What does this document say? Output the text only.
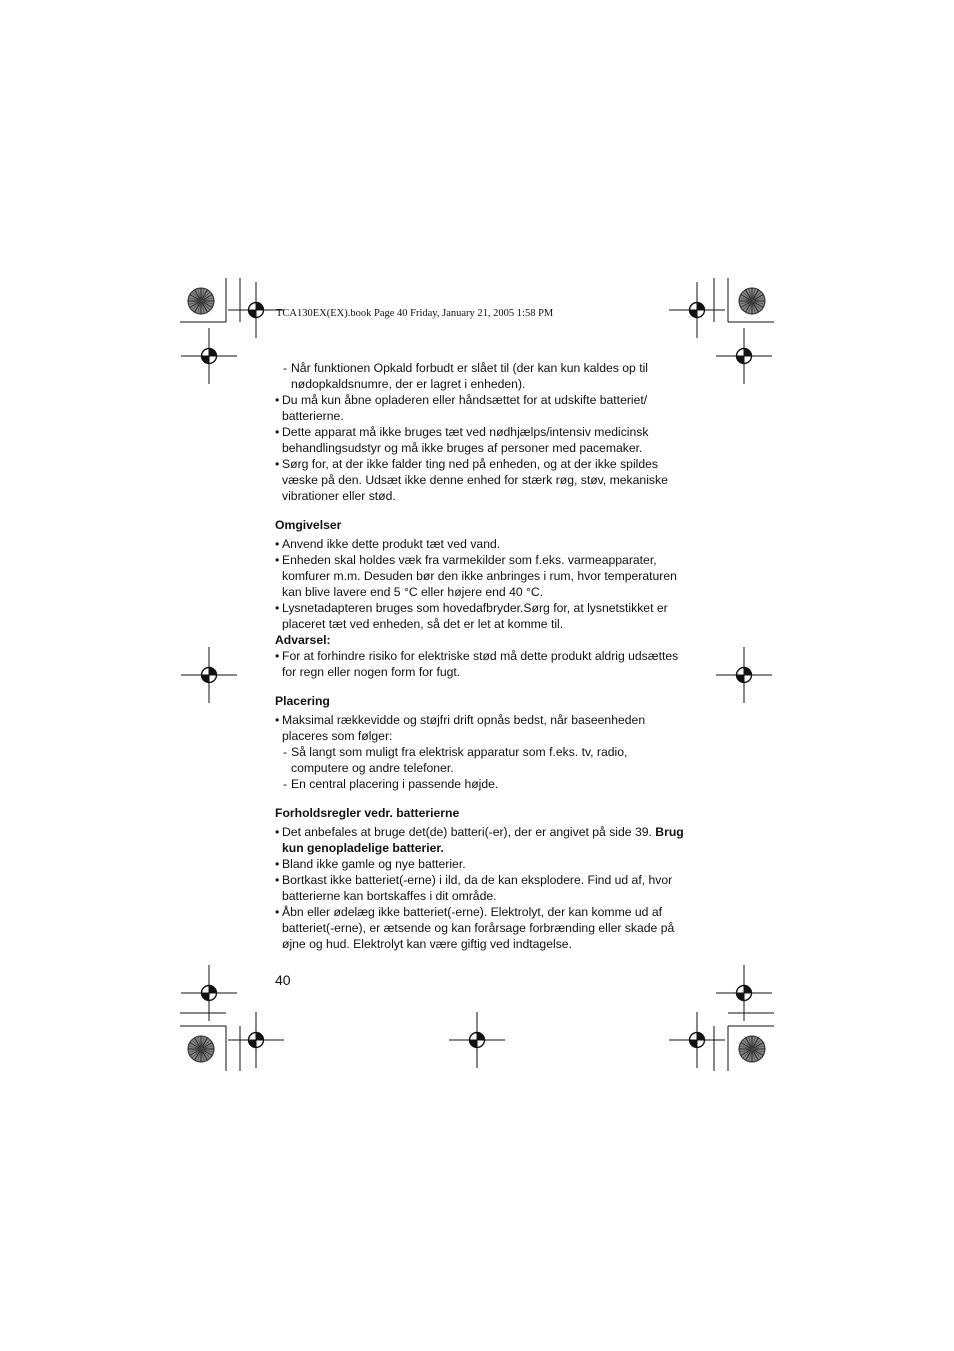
TCA130EX(EX).book Page 40 Friday, January 21, 2005 1:58 PM

- Når funktionen Opkald forbudt er slået til (der kan kun kaldes op til nødopkaldsnumre, der er lagret i enheden).

• Du må kun åbne opladeren eller håndsættet for at udskifte batteriet/ batterierne.

• Dette apparat må ikke bruges tæt ved nødhjælps/intensiv medicinsk behandlingsudstyr og må ikke bruges af personer med pacemaker.

• Sørg for, at der ikke falder ting ned på enheden, og at der ikke spildes væske på den. Udsæt ikke denne enhed for stærk røg, støv, mekaniske vibrationer eller stød.

Omgivelser

• Anvend ikke dette produkt tæt ved vand.

• Enheden skal holdes væk fra varmekilder som f.eks. varmeapparater, komfurer m.m. Desuden bør den ikke anbringes i rum, hvor temperaturen kan blive lavere end 5 °C eller højere end 40 °C.

• Lysnetadapteren bruges som hovedafbryder.Sørg for, at lysnetstikket er placeret tæt ved enheden, så det er let at komme til.

Advarsel:

• For at forhindre risiko for elektriske stød må dette produkt aldrig udsættes for regn eller nogen form for fugt.

Placering

• Maksimal rækkevidde og støjfri drift opnås bedst, når baseenheden placeres som følger:

- Så langt som muligt fra elektrisk apparatur som f.eks. tv, radio, computere og andre telefoner.

- En central placering i passende højde.

Forholdsregler vedr. batterierne

• Det anbefales at bruge det(de) batteri(-er), der er angivet på side 39. Brug kun genopladelige batterier.

• Bland ikke gamle og nye batterier.

• Bortkast ikke batteriet(-erne) i ild, da de kan eksplodere. Find ud af, hvor batterierne kan bortskaffes i dit område.

• Åbn eller ødelæg ikke batteriet(-erne). Elektrolyt, der kan komme ud af batteriet(-erne), er ætsende og kan forårsage forbrænding eller skade på øjne og hud. Elektrolyt kan være giftig ved indtagelse.

40
